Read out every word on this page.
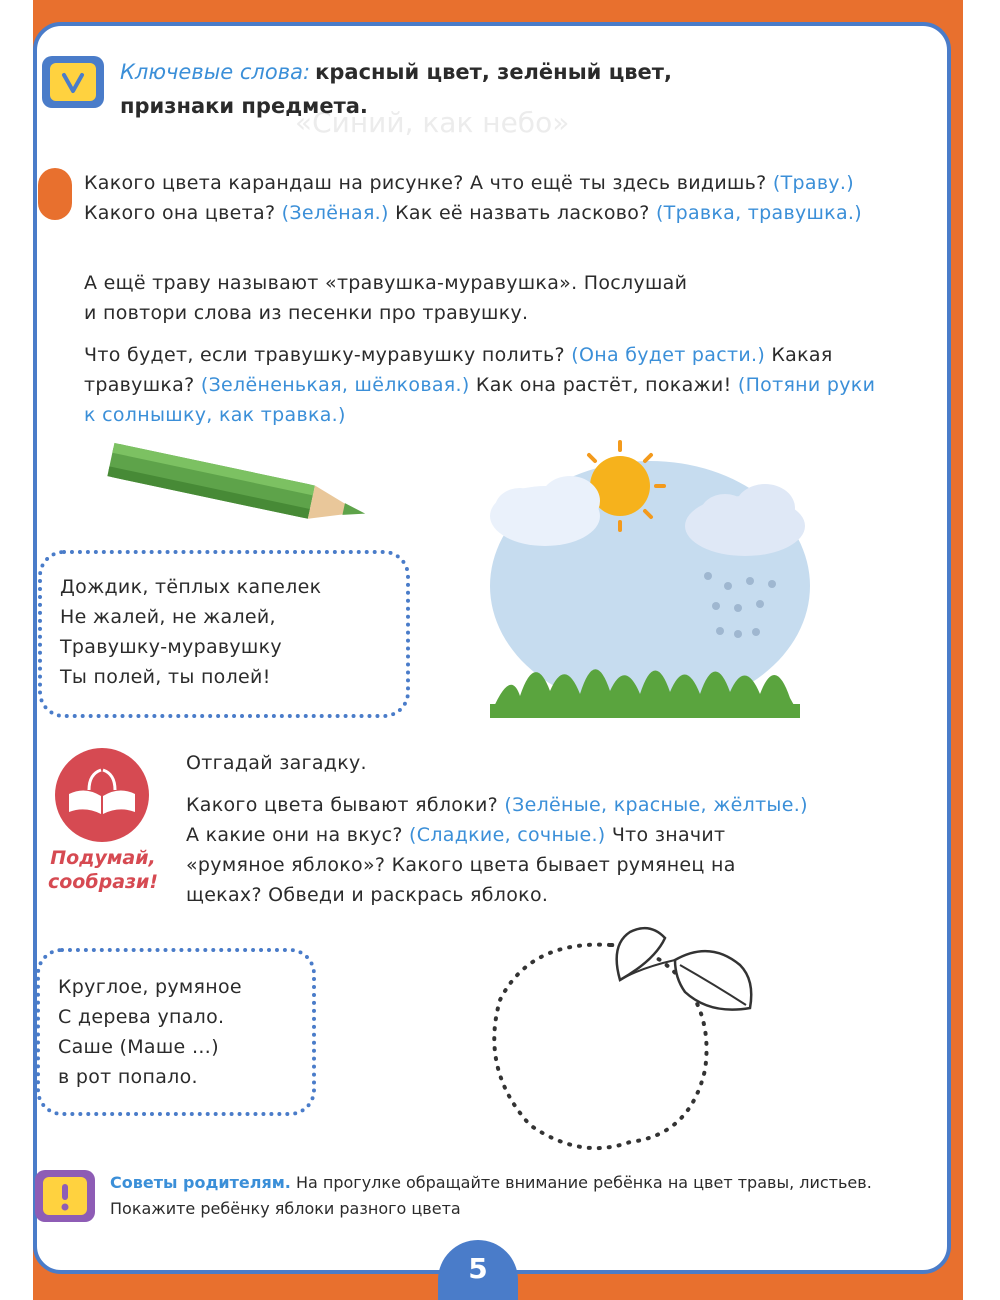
«Синий, как небо»
Ключевые слова: красный цвет, зелёный цвет,
признаки предмета.
Какого цвета карандаш на рисунке? А что ещё ты здесь видишь? (Траву.) Какого она цвета? (Зелёная.) Как её назвать ласково? (Травка, травушка.)
А ещё траву называют «травушка-муравушка». Послушай
и повтори слова из песенки про травушку.
Что будет, если травушку-муравушку полить? (Она будет расти.) Какая травушка? (Зелёненькая, шёлковая.) Как она растёт, покажи! (Потяни руки к солнышку, как травка.)
Дождик, тёплых капелек
Не жалей, не жалей,
Травушку-муравушку
Ты полей, ты полей!
Подумай,
сообрази!
Отгадай загадку.
Какого цвета бывают яблоки? (Зелёные, красные, жёлтые.)
А какие они на вкус? (Сладкие, сочные.) Что значит
«румяное яблоко»? Какого цвета бывает румянец на
щеках? Обведи и раскрась яблоко.
Круглое, румяное
С дерева упало.
Саше (Маше …)
в рот попало.
Советы родителям. На прогулке обращайте внимание ребёнка на цвет травы, листьев.
Покажите ребёнку яблоки разного цвета
5
